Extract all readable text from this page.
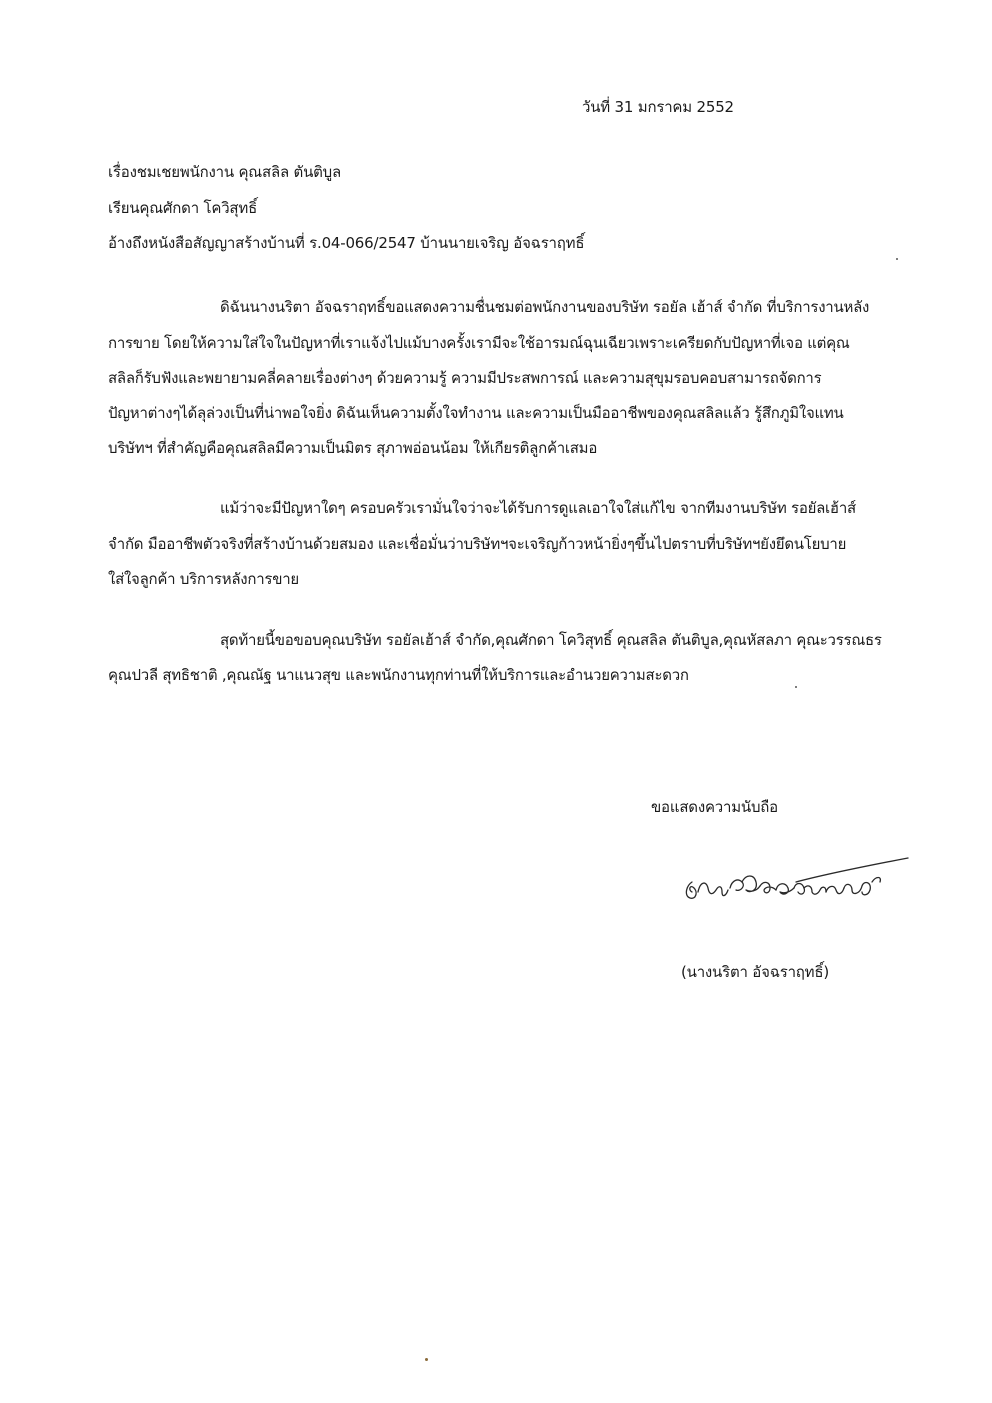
วันที่ 31 มกราคม 2552
เรื่องชมเชยพนักงาน คุณสลิล ตันติบูล
เรียนคุณศักดา โควิสุทธิ์
อ้างถึงหนังสือสัญญาสร้างบ้านที่ ร.04-066/2547 บ้านนายเจริญ อัจฉราฤทธิ์
ดิฉันนางนริตา อัจฉราฤทธิ์ขอแสดงความชื่นชมต่อพนักงานของบริษัท รอยัล เฮ้าส์ จำกัด ที่บริการงานหลัง
การขาย โดยให้ความใส่ใจในปัญหาที่เราแจ้งไปแม้บางครั้งเรามีจะใช้อารมณ์ฉุนเฉียวเพราะเครียดกับปัญหาที่เจอ แต่คุณ
สลิลก็รับฟังและพยายามคลี่คลายเรื่องต่างๆ ด้วยความรู้ ความมีประสพการณ์ และความสุขุมรอบคอบสามารถจัดการ
ปัญหาต่างๆได้ลุล่วงเป็นที่น่าพอใจยิ่ง ดิฉันเห็นความตั้งใจทำงาน และความเป็นมืออาชีพของคุณสลิลแล้ว รู้สึกภูมิใจแทน
บริษัทฯ ที่สำคัญคือคุณสลิลมีความเป็นมิตร สุภาพอ่อนน้อม ให้เกียรติลูกค้าเสมอ
แม้ว่าจะมีปัญหาใดๆ ครอบครัวเรามั่นใจว่าจะได้รับการดูแลเอาใจใส่แก้ไข จากทีมงานบริษัท รอยัลเฮ้าส์
จำกัด มืออาชีพตัวจริงที่สร้างบ้านด้วยสมอง และเชื่อมั่นว่าบริษัทฯจะเจริญก้าวหน้ายิ่งๆขึ้นไปตราบที่บริษัทฯยังยึดนโยบาย
ใส่ใจลูกค้า บริการหลังการขาย
สุดท้ายนี้ขอขอบคุณบริษัท รอยัลเฮ้าส์ จำกัด,คุณศักดา โควิสุทธิ์ คุณสลิล ตันติบูล,คุณหัสลภา คุณะวรรณธร
คุณปวลี สุทธิชาติ ,คุณณัฐ นาแนวสุข และพนักงานทุกท่านที่ให้บริการและอำนวยความสะดวก
ขอแสดงความนับถือ
(นางนริตา อัจฉราฤทธิ์)
